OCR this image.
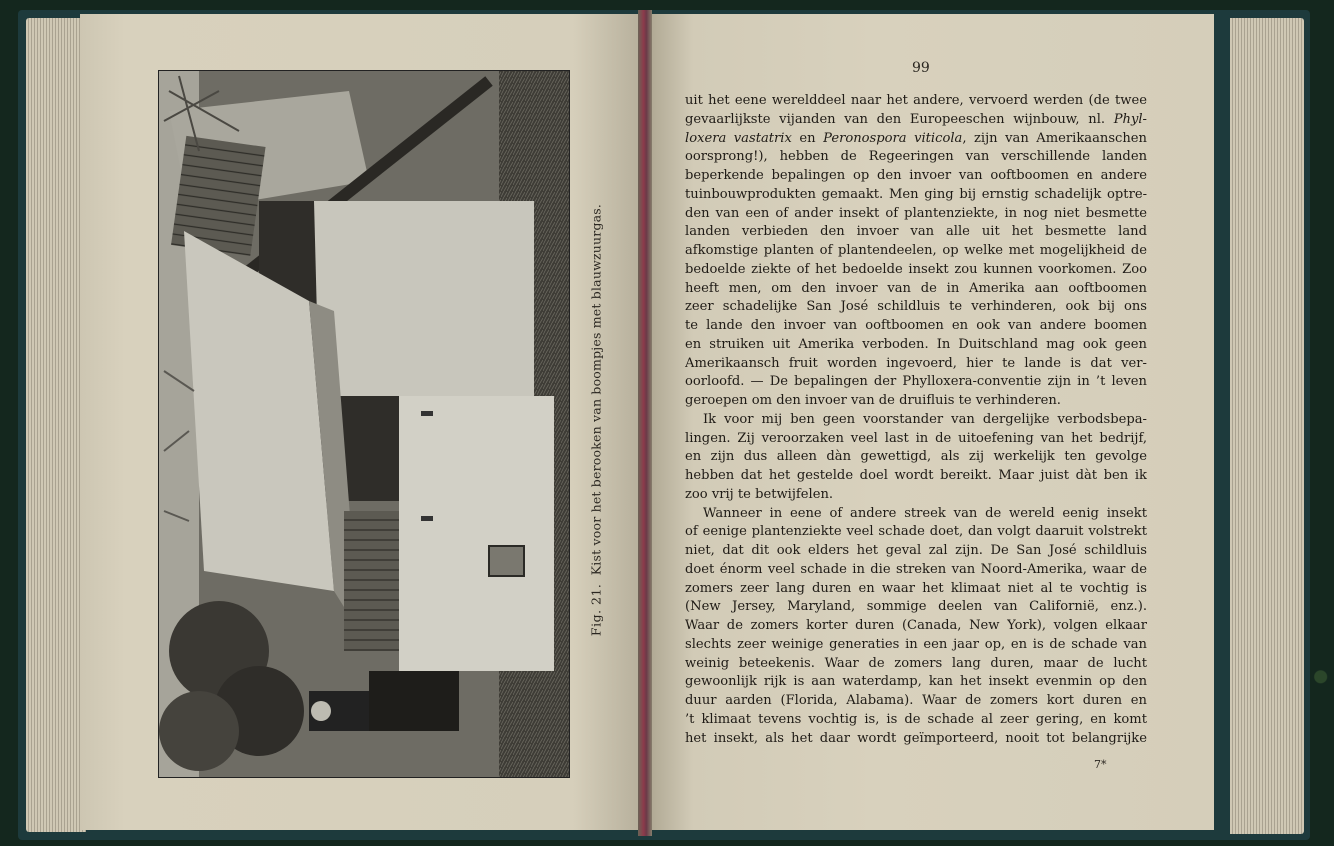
Fig. 21.  Kist voor het berooken van boompjes met blauwzuurgas.
99
uit het eene werelddeel naar het andere, vervoerd werden (de twee
gevaarlijkste vijanden van den Europeeschen wijnbouw, nl. Phyl-
loxera vastatrix en Peronospora viticola, zijn van Amerikaanschen
oorsprong!), hebben de Regeeringen van verschillende landen
beperkende bepalingen op den invoer van ooftboomen en andere
tuinbouwprodukten gemaakt. Men ging bij ernstig schadelijk optre-
den van een of ander insekt of plantenziekte, in nog niet besmette
landen verbieden den invoer van alle uit het besmette land
afkomstige planten of plantendeelen, op welke met mogelijkheid de
bedoelde ziekte of het bedoelde insekt zou kunnen voorkomen. Zoo
heeft men, om den invoer van de in Amerika aan ooftboomen
zeer schadelijke San José schildluis te verhinderen, ook bij ons
te lande den invoer van ooftboomen en ook van andere boomen
en struiken uit Amerika verboden. In Duitschland mag ook geen
Amerikaansch fruit worden ingevoerd, hier te lande is dat ver-
oorloofd. — De bepalingen der Phylloxera-conventie zijn in ’t leven
geroepen om den invoer van de druifluis te verhinderen.
Ik voor mij ben geen voorstander van dergelijke verbodsbepa-
lingen. Zij veroorzaken veel last in de uitoefening van het bedrijf,
en zijn dus alleen dàn gewettigd, als zij werkelijk ten gevolge
hebben dat het gestelde doel wordt bereikt. Maar juist dàt ben ik
zoo vrij te betwijfelen.
Wanneer in eene of andere streek van de wereld eenig insekt
of eenige plantenziekte veel schade doet, dan volgt daaruit volstrekt
niet, dat dit ook elders het geval zal zijn. De San José schildluis
doet énorm veel schade in die streken van Noord-Amerika, waar de
zomers zeer lang duren en waar het klimaat niet al te vochtig is
(New Jersey, Maryland, sommige deelen van Californië, enz.).
Waar de zomers korter duren (Canada, New York), volgen elkaar
slechts zeer weinige generaties in een jaar op, en is de schade van
weinig beteekenis. Waar de zomers lang duren, maar de lucht
gewoonlijk rijk is aan waterdamp, kan het insekt evenmin op den
duur aarden (Florida, Alabama). Waar de zomers kort duren en
’t klimaat tevens vochtig is, is de schade al zeer gering, en komt
het insekt, als het daar wordt geïmporteerd, nooit tot belangrijke
7*
